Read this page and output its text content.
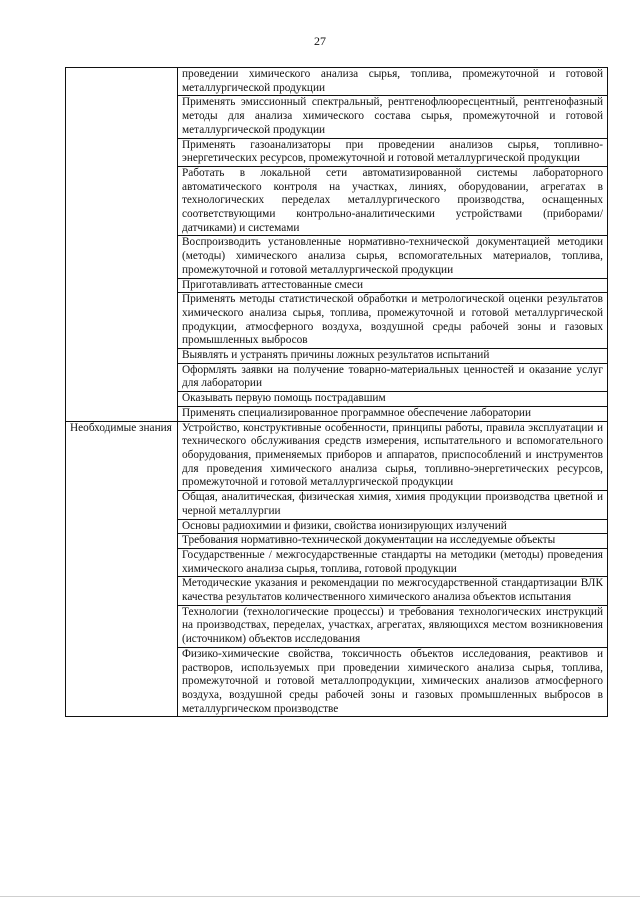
27
	проведении химического анализа сырья, топлива, промежуточной и готовой металлургической продукции
	Применять эмиссионный спектральный, рентгенофлюоресцентный, рентгенофазный методы для анализа химического состава сырья, промежуточной и готовой металлургической продукции
	Применять газоанализаторы при проведении анализов сырья, топливно-энергетических ресурсов, промежуточной и готовой металлургической продукции
	Работать в локальной сети автоматизированной системы лабораторного автоматического контроля на участках, линиях, оборудовании, агрегатах в технологических переделах металлургического производства, оснащенных соответствующими контрольно-аналитическими устройствами (приборами/датчиками) и системами
	Воспроизводить установленные нормативно-технической документацией методики (методы) химического анализа сырья, вспомогательных материалов, топлива, промежуточной и готовой металлургической продукции
	Приготавливать аттестованные смеси
	Применять методы статистической обработки и метрологической оценки результатов химического анализа сырья, топлива, промежуточной и готовой металлургической продукции, атмосферного воздуха, воздушной среды рабочей зоны и газовых промышленных выбросов
	Выявлять и устранять причины ложных результатов испытаний
	Оформлять заявки на получение товарно-материальных ценностей и оказание услуг для лаборатории
	Оказывать первую помощь пострадавшим
	Применять специализированное программное обеспечение лаборатории
Необходимые знания	Устройство, конструктивные особенности, принципы работы, правила эксплуатации и технического обслуживания средств измерения, испытательного и вспомогательного оборудования, применяемых приборов и аппаратов, приспособлений и инструментов для проведения химического анализа сырья, топливно-энергетических ресурсов, промежуточной и готовой металлургической продукции
	Общая, аналитическая, физическая химия, химия продукции производства цветной и черной металлургии
	Основы радиохимии и физики, свойства ионизирующих излучений
	Требования нормативно-технической документации на исследуемые объекты
	Государственные / межгосударственные стандарты на методики (методы) проведения химического анализа сырья, топлива, готовой продукции
	Методические указания и рекомендации по межгосударственной стандартизации ВЛК качества результатов количественного химического анализа объектов испытания
	Технологии (технологические процессы) и требования технологических инструкций на производствах, переделах, участках, агрегатах, являющихся местом возникновения (источником) объектов исследования
	Физико-химические свойства, токсичность объектов исследования, реактивов и растворов, используемых при проведении химического анализа сырья, топлива, промежуточной и готовой металлопродукции, химических анализов атмосферного воздуха, воздушной среды рабочей зоны и газовых промышленных выбросов в металлургическом производстве
